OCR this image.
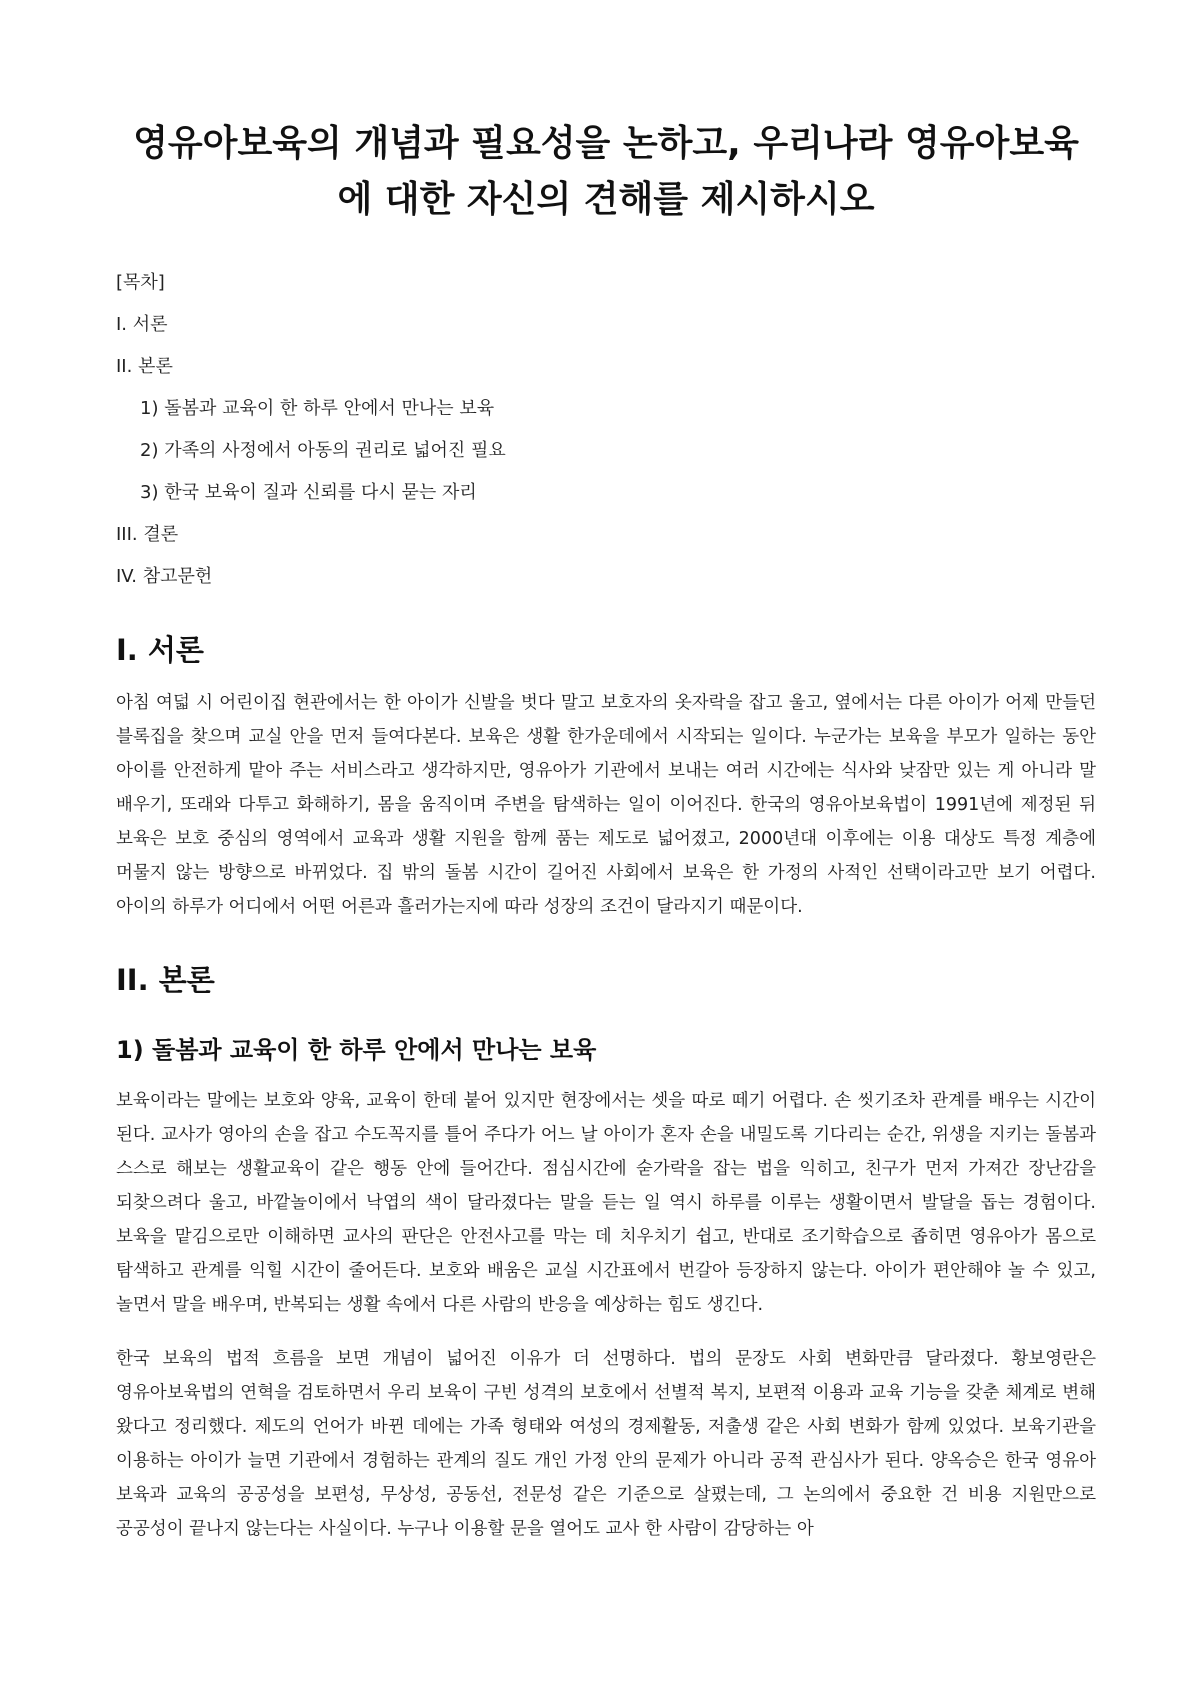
영유아보육의 개념과 필요성을 논하고, 우리나라 영유아보육에 대한 자신의 견해를 제시하시오

[목차]

I. 서론

II. 본론

1) 돌봄과 교육이 한 하루 안에서 만나는 보육

2) 가족의 사정에서 아동의 권리로 넓어진 필요

3) 한국 보육이 질과 신뢰를 다시 묻는 자리

III. 결론

IV. 참고문헌

I. 서론

아침 여덟 시 어린이집 현관에서는 한 아이가 신발을 벗다 말고 보호자의 옷자락을 잡고 울고, 옆에서는 다른 아이가 어제 만들던 블록집을 찾으며 교실 안을 먼저 들여다본다. 보육은 생활 한가운데에서 시작되는 일이다. 누군가는 보육을 부모가 일하는 동안 아이를 안전하게 맡아 주는 서비스라고 생각하지만, 영유아가 기관에서 보내는 여러 시간에는 식사와 낮잠만 있는 게 아니라 말 배우기, 또래와 다투고 화해하기, 몸을 움직이며 주변을 탐색하는 일이 이어진다. 한국의 영유아보육법이 1991년에 제정된 뒤 보육은 보호 중심의 영역에서 교육과 생활 지원을 함께 품는 제도로 넓어졌고, 2000년대 이후에는 이용 대상도 특정 계층에 머물지 않는 방향으로 바뀌었다. 집 밖의 돌봄 시간이 길어진 사회에서 보육은 한 가정의 사적인 선택이라고만 보기 어렵다. 아이의 하루가 어디에서 어떤 어른과 흘러가는지에 따라 성장의 조건이 달라지기 때문이다.

II. 본론
1) 돌봄과 교육이 한 하루 안에서 만나는 보육

보육이라는 말에는 보호와 양육, 교육이 한데 붙어 있지만 현장에서는 셋을 따로 떼기 어렵다. 손 씻기조차 관계를 배우는 시간이 된다. 교사가 영아의 손을 잡고 수도꼭지를 틀어 주다가 어느 날 아이가 혼자 손을 내밀도록 기다리는 순간, 위생을 지키는 돌봄과 스스로 해보는 생활교육이 같은 행동 안에 들어간다. 점심시간에 숟가락을 잡는 법을 익히고, 친구가 먼저 가져간 장난감을 되찾으려다 울고, 바깥놀이에서 낙엽의 색이 달라졌다는 말을 듣는 일 역시 하루를 이루는 생활이면서 발달을 돕는 경험이다. 보육을 맡김으로만 이해하면 교사의 판단은 안전사고를 막는 데 치우치기 쉽고, 반대로 조기학습으로 좁히면 영유아가 몸으로 탐색하고 관계를 익힐 시간이 줄어든다. 보호와 배움은 교실 시간표에서 번갈아 등장하지 않는다. 아이가 편안해야 놀 수 있고, 놀면서 말을 배우며, 반복되는 생활 속에서 다른 사람의 반응을 예상하는 힘도 생긴다.

한국 보육의 법적 흐름을 보면 개념이 넓어진 이유가 더 선명하다. 법의 문장도 사회 변화만큼 달라졌다. 황보영란은 영유아보육법의 연혁을 검토하면서 우리 보육이 구빈 성격의 보호에서 선별적 복지, 보편적 이용과 교육 기능을 갖춘 체계로 변해 왔다고 정리했다. 제도의 언어가 바뀐 데에는 가족 형태와 여성의 경제활동, 저출생 같은 사회 변화가 함께 있었다. 보육기관을 이용하는 아이가 늘면 기관에서 경험하는 관계의 질도 개인 가정 안의 문제가 아니라 공적 관심사가 된다. 양옥승은 한국 영유아 보육과 교육의 공공성을 보편성, 무상성, 공동선, 전문성 같은 기준으로 살폈는데, 그 논의에서 중요한 건 비용 지원만으로 공공성이 끝나지 않는다는 사실이다. 누구나 이용할 문을 열어도 교사 한 사람이 감당하는 아
